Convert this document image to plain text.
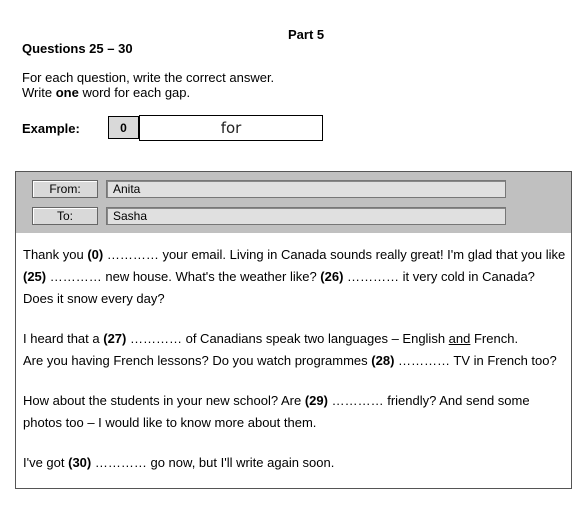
Part 5
Questions 25 – 30
For each question, write the correct answer.
Write one word for each gap.
Example:	0	for
From:	Anita
To:	Sasha

Thank you (0) ………… your email. Living in Canada sounds really great! I'm glad that you like (25) ………… new house. What's the weather like? (26) ………… it very cold in Canada? Does it snow every day?

I heard that a (27) ………… of Canadians speak two languages – English and French.
Are you having French lessons? Do you watch programmes (28) ………… TV in French too?

How about the students in your new school? Are (29) ………… friendly? And send some photos too – I would like to know more about them.

I've got (30) ………… go now, but I'll write again soon.
